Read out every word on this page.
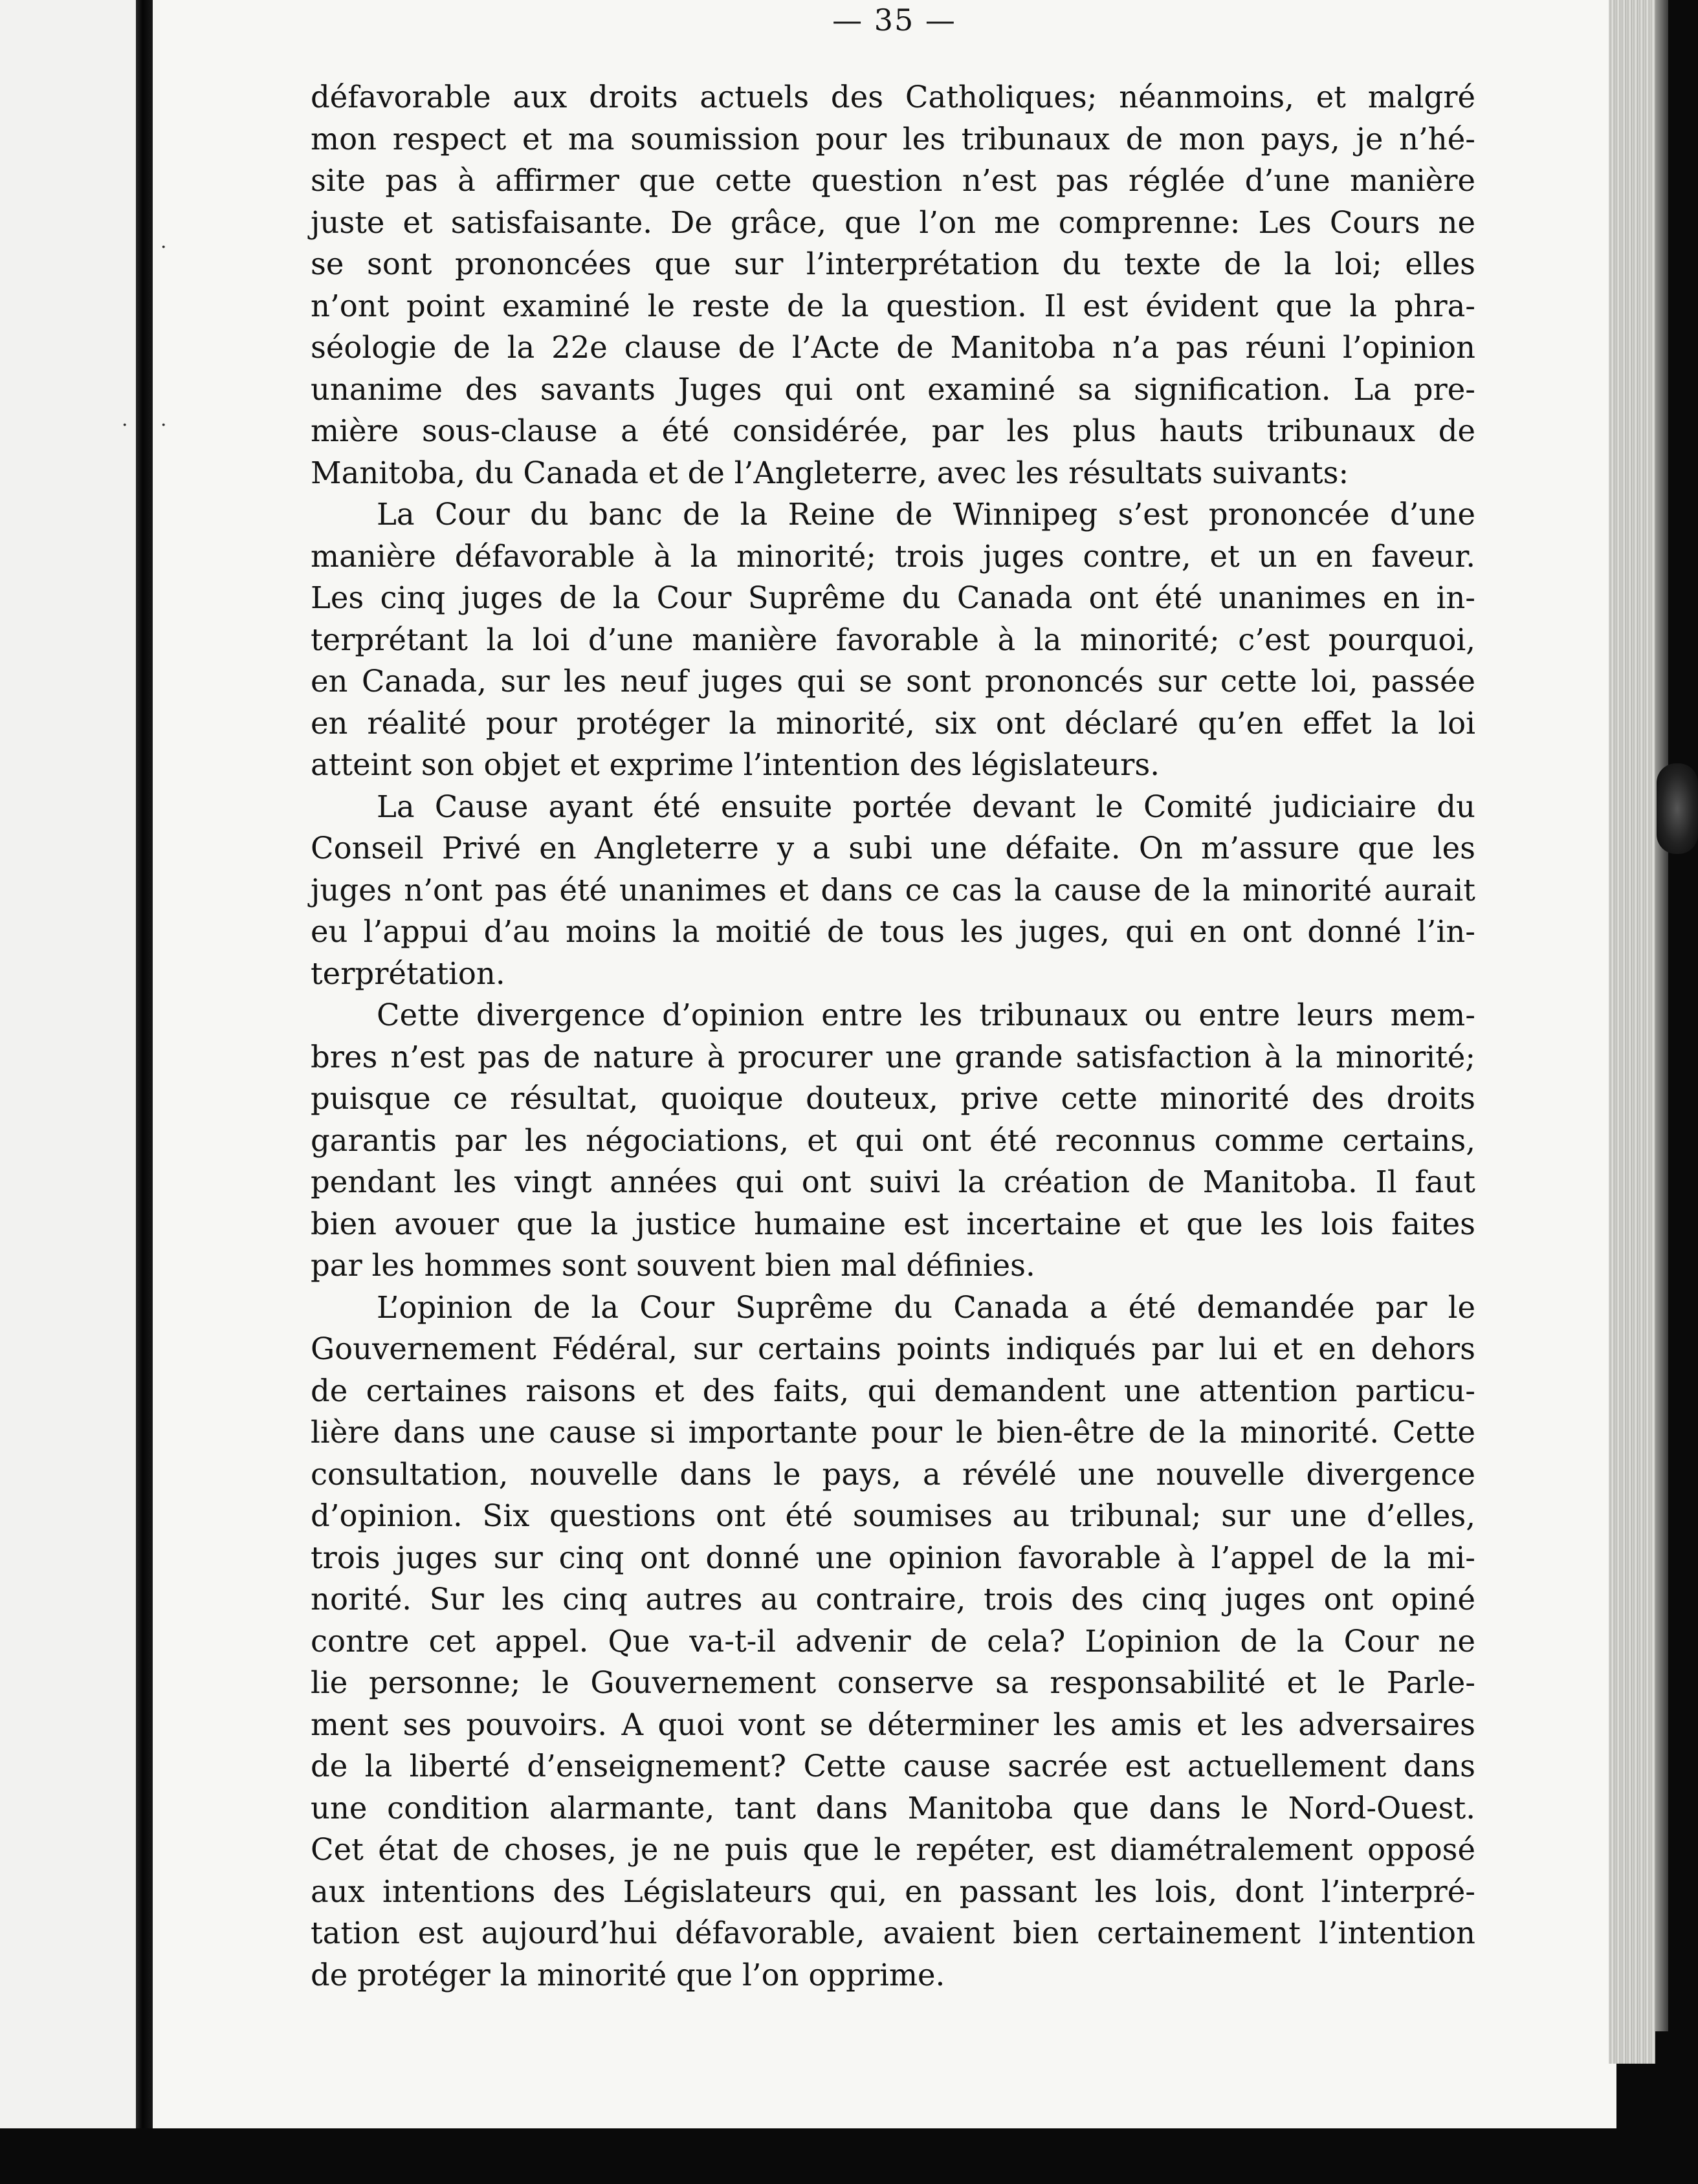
·
· ·
— 35 —
défavorable aux droits actuels des Catholiques; néanmoins, et malgré
mon respect et ma soumission pour les tribunaux de mon pays, je n’hé-
site pas à affirmer que cette question n’est pas réglée d’une manière
juste et satisfaisante. De grâce, que l’on me comprenne: Les Cours ne
se sont prononcées que sur l’interprétation du texte de la loi; elles
n’ont point examiné le reste de la question. Il est évident que la phra-
séologie de la 22e clause de l’Acte de Manitoba n’a pas réuni l’opinion
unanime des savants Juges qui ont examiné sa signification. La pre-
mière sous-clause a été considérée, par les plus hauts tribunaux de
Manitoba, du Canada et de l’Angleterre, avec les résultats suivants:
La Cour du banc de la Reine de Winnipeg s’est prononcée d’une
manière défavorable à la minorité; trois juges contre, et un en faveur.
Les cinq juges de la Cour Suprême du Canada ont été unanimes en in-
terprétant la loi d’une manière favorable à la minorité; c’est pourquoi,
en Canada, sur les neuf juges qui se sont prononcés sur cette loi, passée
en réalité pour protéger la minorité, six ont déclaré qu’en effet la loi
atteint son objet et exprime l’intention des législateurs.
La Cause ayant été ensuite portée devant le Comité judiciaire du
Conseil Privé en Angleterre y a subi une défaite. On m’assure que les
juges n’ont pas été unanimes et dans ce cas la cause de la minorité aurait
eu l’appui d’au moins la moitié de tous les juges, qui en ont donné l’in-
terprétation.
Cette divergence d’opinion entre les tribunaux ou entre leurs mem-
bres n’est pas de nature à procurer une grande satisfaction à la minorité;
puisque ce résultat, quoique douteux, prive cette minorité des droits
garantis par les négociations, et qui ont été reconnus comme certains,
pendant les vingt années qui ont suivi la création de Manitoba. Il faut
bien avouer que la justice humaine est incertaine et que les lois faites
par les hommes sont souvent bien mal définies.
L’opinion de la Cour Suprême du Canada a été demandée par le
Gouvernement Fédéral, sur certains points indiqués par lui et en dehors
de certaines raisons et des faits, qui demandent une attention particu-
lière dans une cause si importante pour le bien-être de la minorité. Cette
consultation, nouvelle dans le pays, a révélé une nouvelle divergence
d’opinion. Six questions ont été soumises au tribunal; sur une d’elles,
trois juges sur cinq ont donné une opinion favorable à l’appel de la mi-
norité. Sur les cinq autres au contraire, trois des cinq juges ont opiné
contre cet appel. Que va-t-il advenir de cela? L’opinion de la Cour ne
lie personne; le Gouvernement conserve sa responsabilité et le Parle-
ment ses pouvoirs. A quoi vont se déterminer les amis et les adversaires
de la liberté d’enseignement? Cette cause sacrée est actuellement dans
une condition alarmante, tant dans Manitoba que dans le Nord-Ouest.
Cet état de choses, je ne puis que le repéter, est diamétralement opposé
aux intentions des Législateurs qui, en passant les lois, dont l’interpré-
tation est aujourd’hui défavorable, avaient bien certainement l’intention
de protéger la minorité que l’on opprime.
